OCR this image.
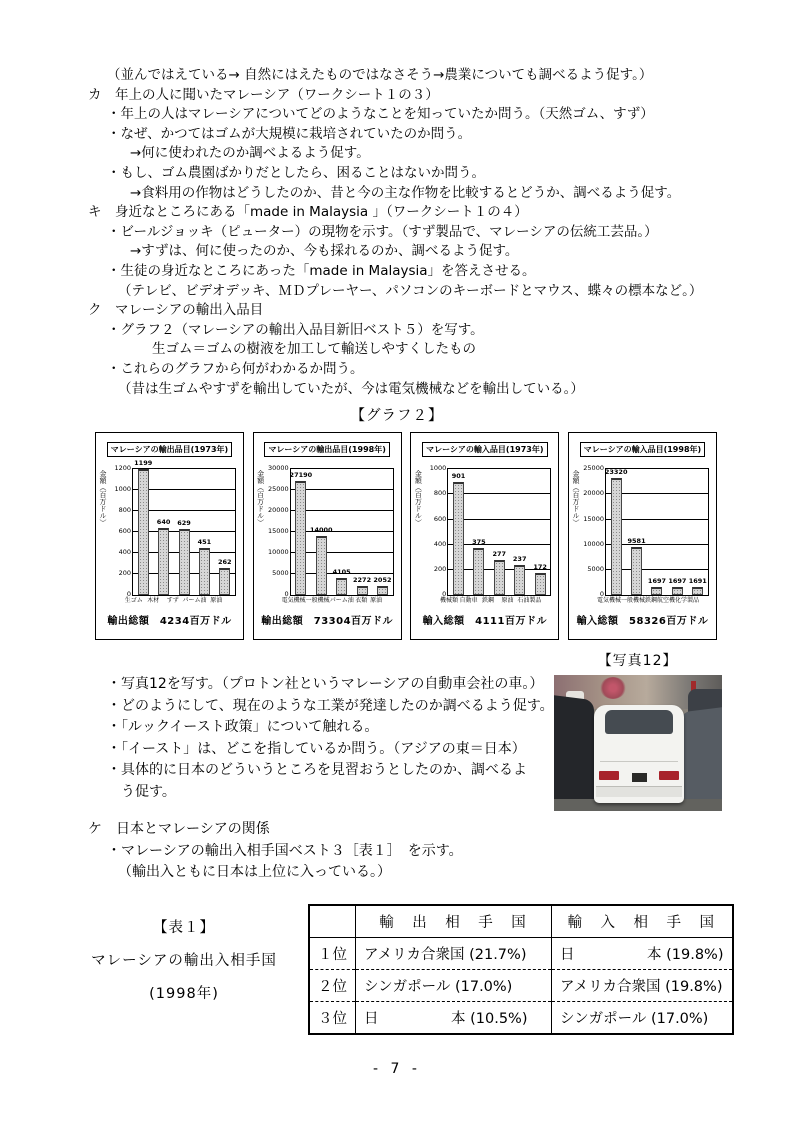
（並んではえている→ 自然にはえたものではなさそう→農業についても調べるよう促す。）
カ　年上の人に聞いたマレーシア（ワークシート１の３）
・年上の人はマレーシアについてどのようなことを知っていたか問う。（天然ゴム、すず）
・なぜ、かつてはゴムが大規模に栽培されていたのか問う。
→何に使われたのか調べよるよう促す。
・もし、ゴム農園ばかりだとしたら、困ることはないか問う。
→食料用の作物はどうしたのか、昔と今の主な作物を比較するとどうか、調べるよう促す。
キ　身近なところにある「made in Malaysia 」（ワークシート１の４）
・ビールジョッキ（ピューター）の現物を示す。（すず製品で、マレーシアの伝統工芸品。）
→すずは、何に使ったのか、今も採れるのか、調べるよう促す。
・生徒の身近なところにあった「made in Malaysia」を答えさせる。
（テレビ、ビデオデッキ、ＭＤプレーヤー、パソコンのキーボードとマウス、蝶々の標本など。）
ク　マレーシアの輸出入品目
・グラフ２（マレーシアの輸出入品目新旧ベスト５）を写す。
生ゴム＝ゴムの樹液を加工して輸送しやすくしたもの
・これらのグラフから何がわかるか問う。
（昔は生ゴムやすずを輸出していたが、今は電気機械などを輸出している。）
【グラフ２】
マレーシアの輸出品目(1973年)
金額（百万ドル）
0
200
400
600
800
1000
1200
1199
640	629
451
262
生ゴム 木材	すず パーム油 原油
輸出総額　4234百万ドル
マレーシアの輸出品目(1998年)
金額（百万ドル）
0
5000
10000
15000
20000
25000
30000
27190
14000
4105
2272 2052
電気機械 一般機械 パーム油 衣類 原油
輸出総額　73304百万ドル
マレーシアの輸入品目(1973年)
金額（百万ドル）
0
200
400
600
800
1000
901
375
277
237
172
機械類 自動車 鉄鋼	原油 石油製品
輸入総額　4111百万ドル
マレーシアの輸入品目(1998年)
金額（百万ドル）
0
5000
10000
15000
20000
25000 23320
9581
1697 1697 1691
電気機械 一般機械 鉄鋼 航空機 化学製品
輸入総額　58326百万ドル
・写真12を写す。（プロトン社というマレーシアの自動車会社の車。）
・どのようにして、現在のような工業が発達したのか調べるよう促す。
・「ルックイースト政策」について触れる。
・「イースト」は、どこを指しているか問う。（アジアの東＝日本）
・具体的に日本のどういうところを見習おうとしたのか、調べるよ
う促す。
ケ　日本とマレーシアの関係
・マレーシアの輸出入相手国ベスト３［表１］　を示す。
（輸出入ともに日本は上位に入っている。）
【写真12】
【表１】
マレーシアの輸出入相手国
(1998年)
	輸　出　相　手　国	輸　入　相　手　国
１位	アメリカ合衆国 (21.7%)	日　　　　　本 (19.8%)
２位	シンガポール (17.0%)	アメリカ合衆国 (19.8%)
３位	日　　　　　本 (10.5%)	シンガポール (17.0%)
- 7 -
